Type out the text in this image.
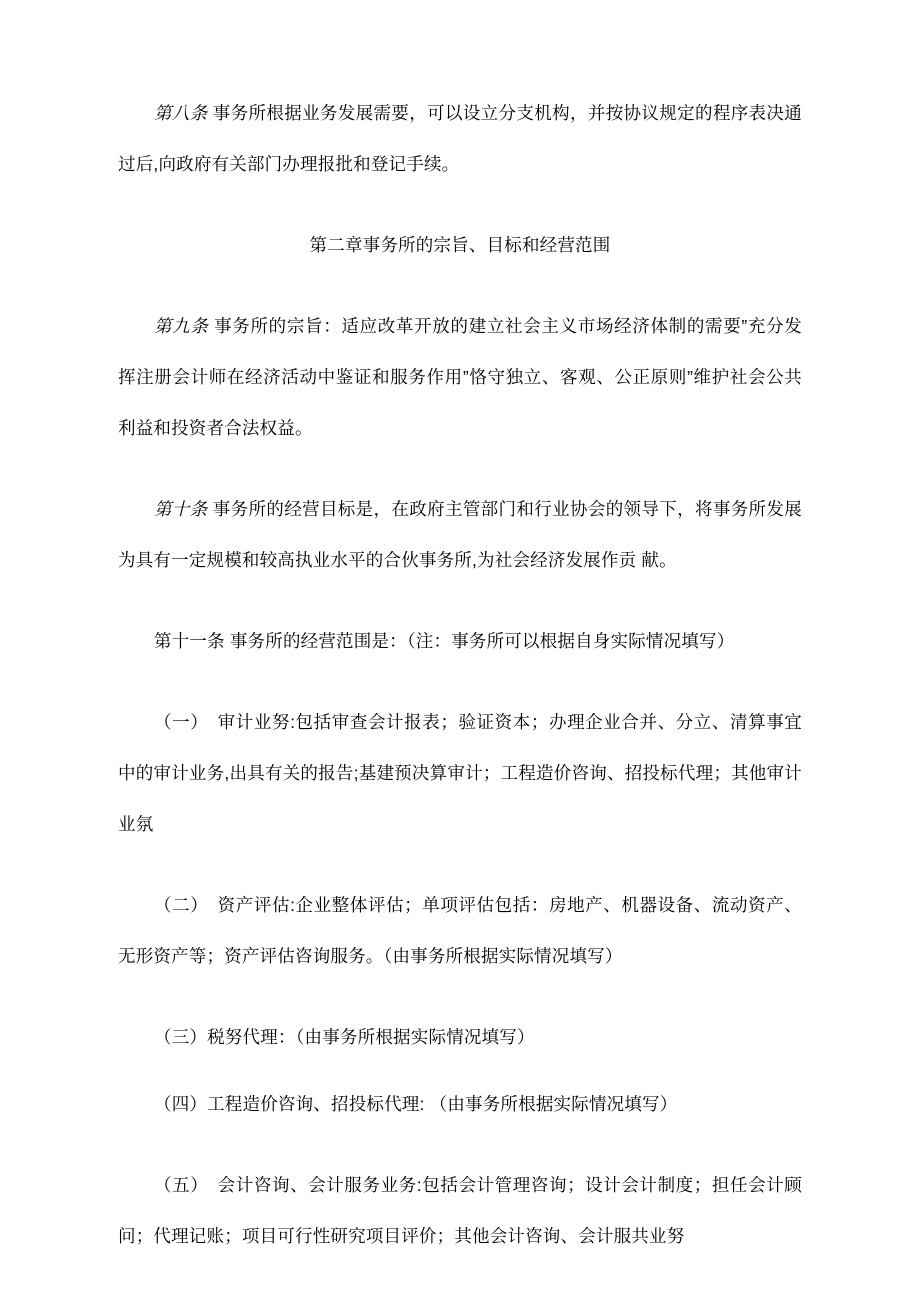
第八条 事务所根据业务发展需要，可以设立分支机构，并按协议规定的程序表决通过后,向政府有关部门办理报批和登记手续。

第二章事务所的宗旨、目标和经营范围

第九条 事务所的宗旨：适应改革开放的建立社会主义市场经济体制的需要”充分发挥注册会计师在经济活动中鉴证和服务作用”恪守独立、客观、公正原则”维护社会公共利益和投资者合法权益。

第十条 事务所的经营目标是，在政府主管部门和行业协会的领导下，将事务所发展为具有一定规模和较高执业水平的合伙事务所,为社会经济发展作贡 献。

第十一条 事务所的经营范围是：（注：事务所可以根据自身实际情况填写）

（一）　审计业努:包括审查会计报表；验证资本；办理企业合并、分立、清算事宜中的审计业务,出具有关的报告;基建预决算审计；工程造价咨询、招投标代理；其他审计业氛

（二）　资产评估:企业整体评估；单项评估包括：房地产、机器设备、流动资产、无形资产等；资产评估咨询服务。（由事务所根据实际情况填写）

（三）税努代理：（由事务所根据实际情况填写）

（四）工程造价咨询、招投标代理: （由事务所根据实际情况填写）

（五）　会计咨询、会计服务业务:包括会计管理咨询；设计会计制度；担任会计顾问；代理记账；项目可行性研究项目评价；其他会计咨询、会计服共业努
